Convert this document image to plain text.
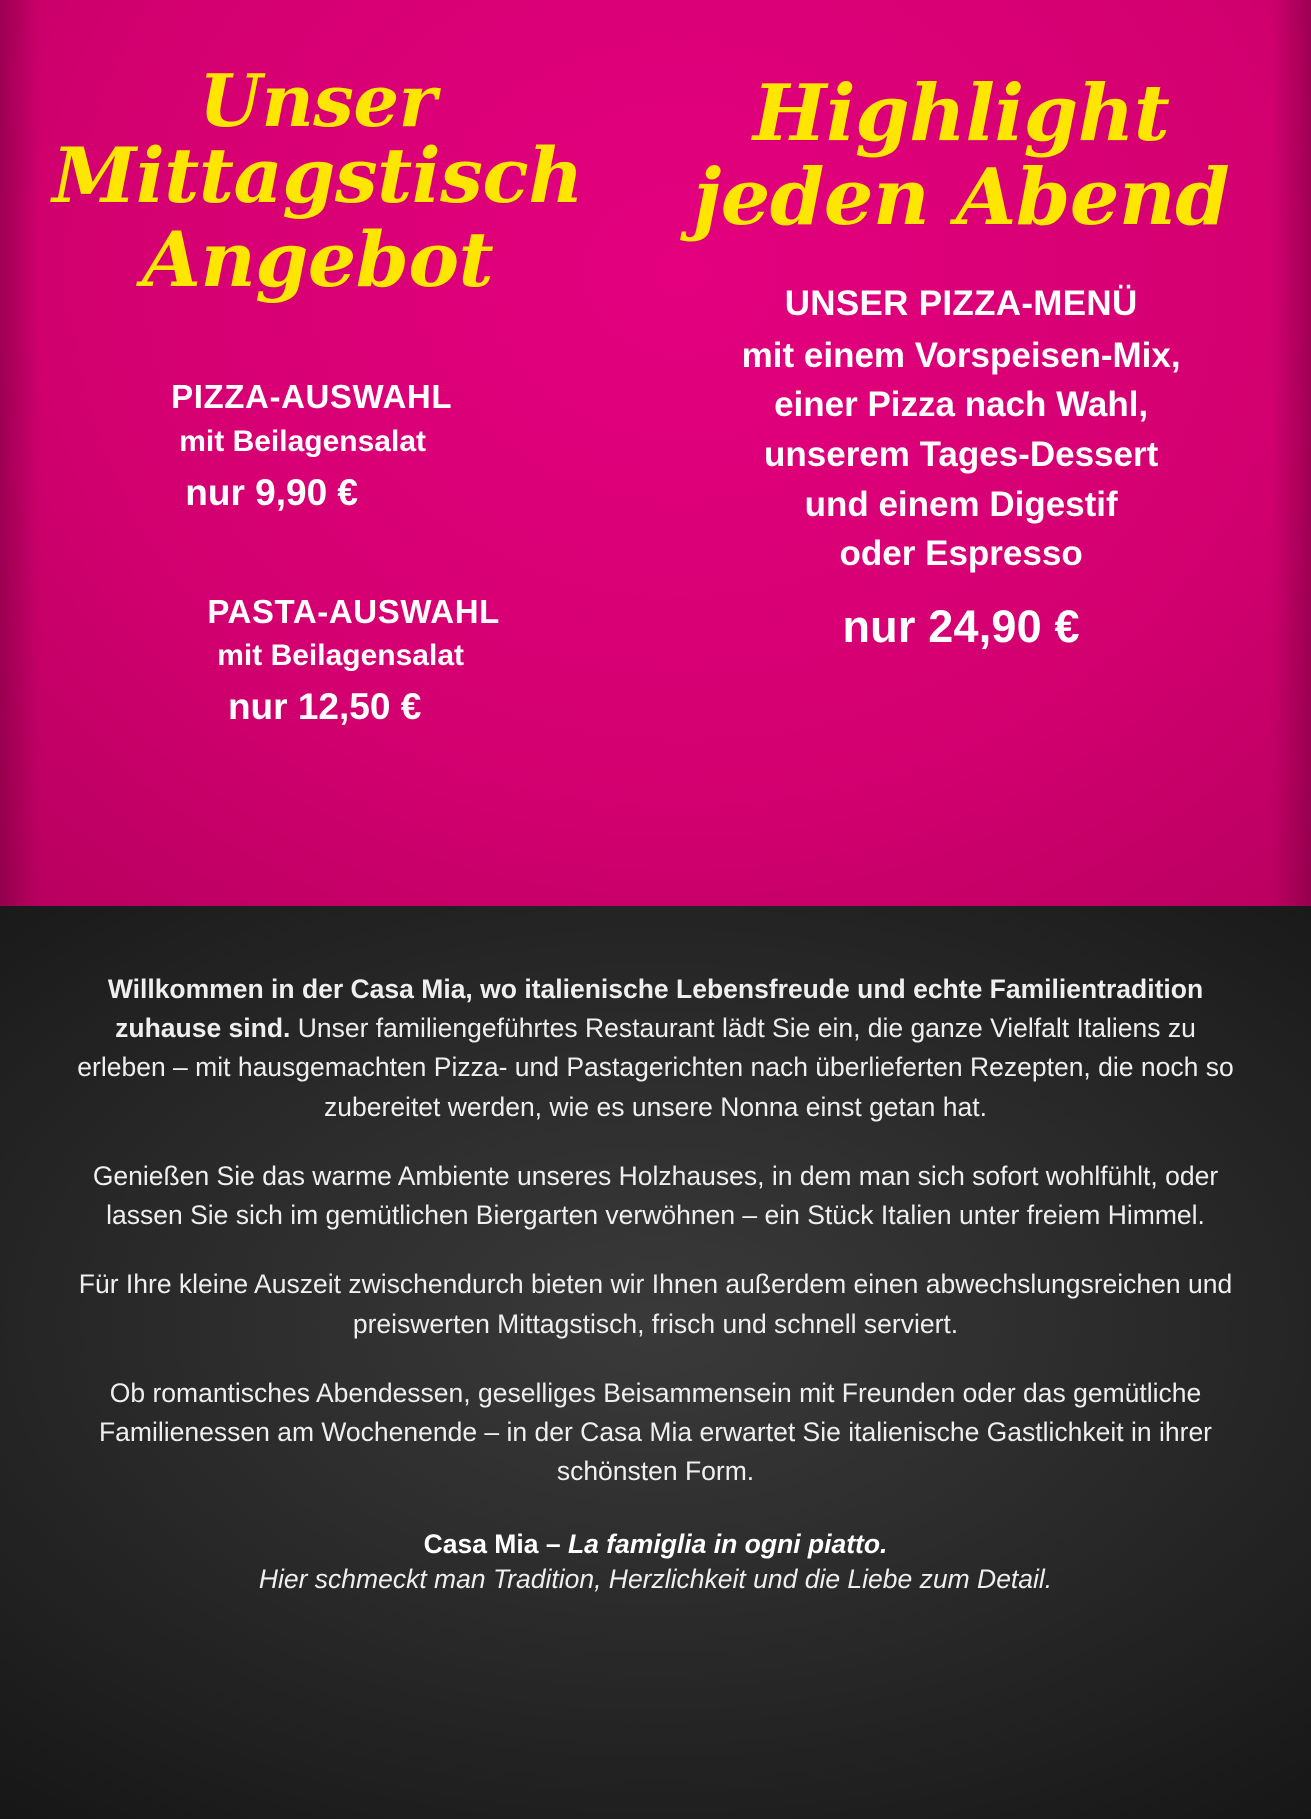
Unser
Mittagstisch
Angebot
PIZZA-AUSWAHL
mit Beilagensalat
nur 9,90 €
PASTA-AUSWAHL
mit Beilagensalat
nur 12,50 €
Highlight
jeden Abend
UNSER PIZZA-MENÜ
mit einem Vorspeisen-Mix,
einer Pizza nach Wahl,
unserem Tages-Dessert
und einem Digestif
oder Espresso
nur 24,90 €

Willkommen in der Casa Mia, wo italienische Lebensfreude und echte Familientradition zuhause sind. Unser familiengeführtes Restaurant lädt Sie ein, die ganze Vielfalt Italiens zu erleben – mit hausgemachten Pizza- und Pastagerichten nach überlieferten Rezepten, die noch so zubereitet werden, wie es unsere Nonna einst getan hat.

Genießen Sie das warme Ambiente unseres Holzhauses, in dem man sich sofort wohlfühlt, oder lassen Sie sich im gemütlichen Biergarten verwöhnen – ein Stück Italien unter freiem Himmel.

Für Ihre kleine Auszeit zwischendurch bieten wir Ihnen außerdem einen abwechslungsreichen und preiswerten Mittagstisch, frisch und schnell serviert.

Ob romantisches Abendessen, geselliges Beisammensein mit Freunden oder das gemütliche Familienessen am Wochenende – in der Casa Mia erwartet Sie italienische Gastlichkeit in ihrer schönsten Form.

Casa Mia – La famiglia in ogni piatto.
Hier schmeckt man Tradition, Herzlichkeit und die Liebe zum Detail.
